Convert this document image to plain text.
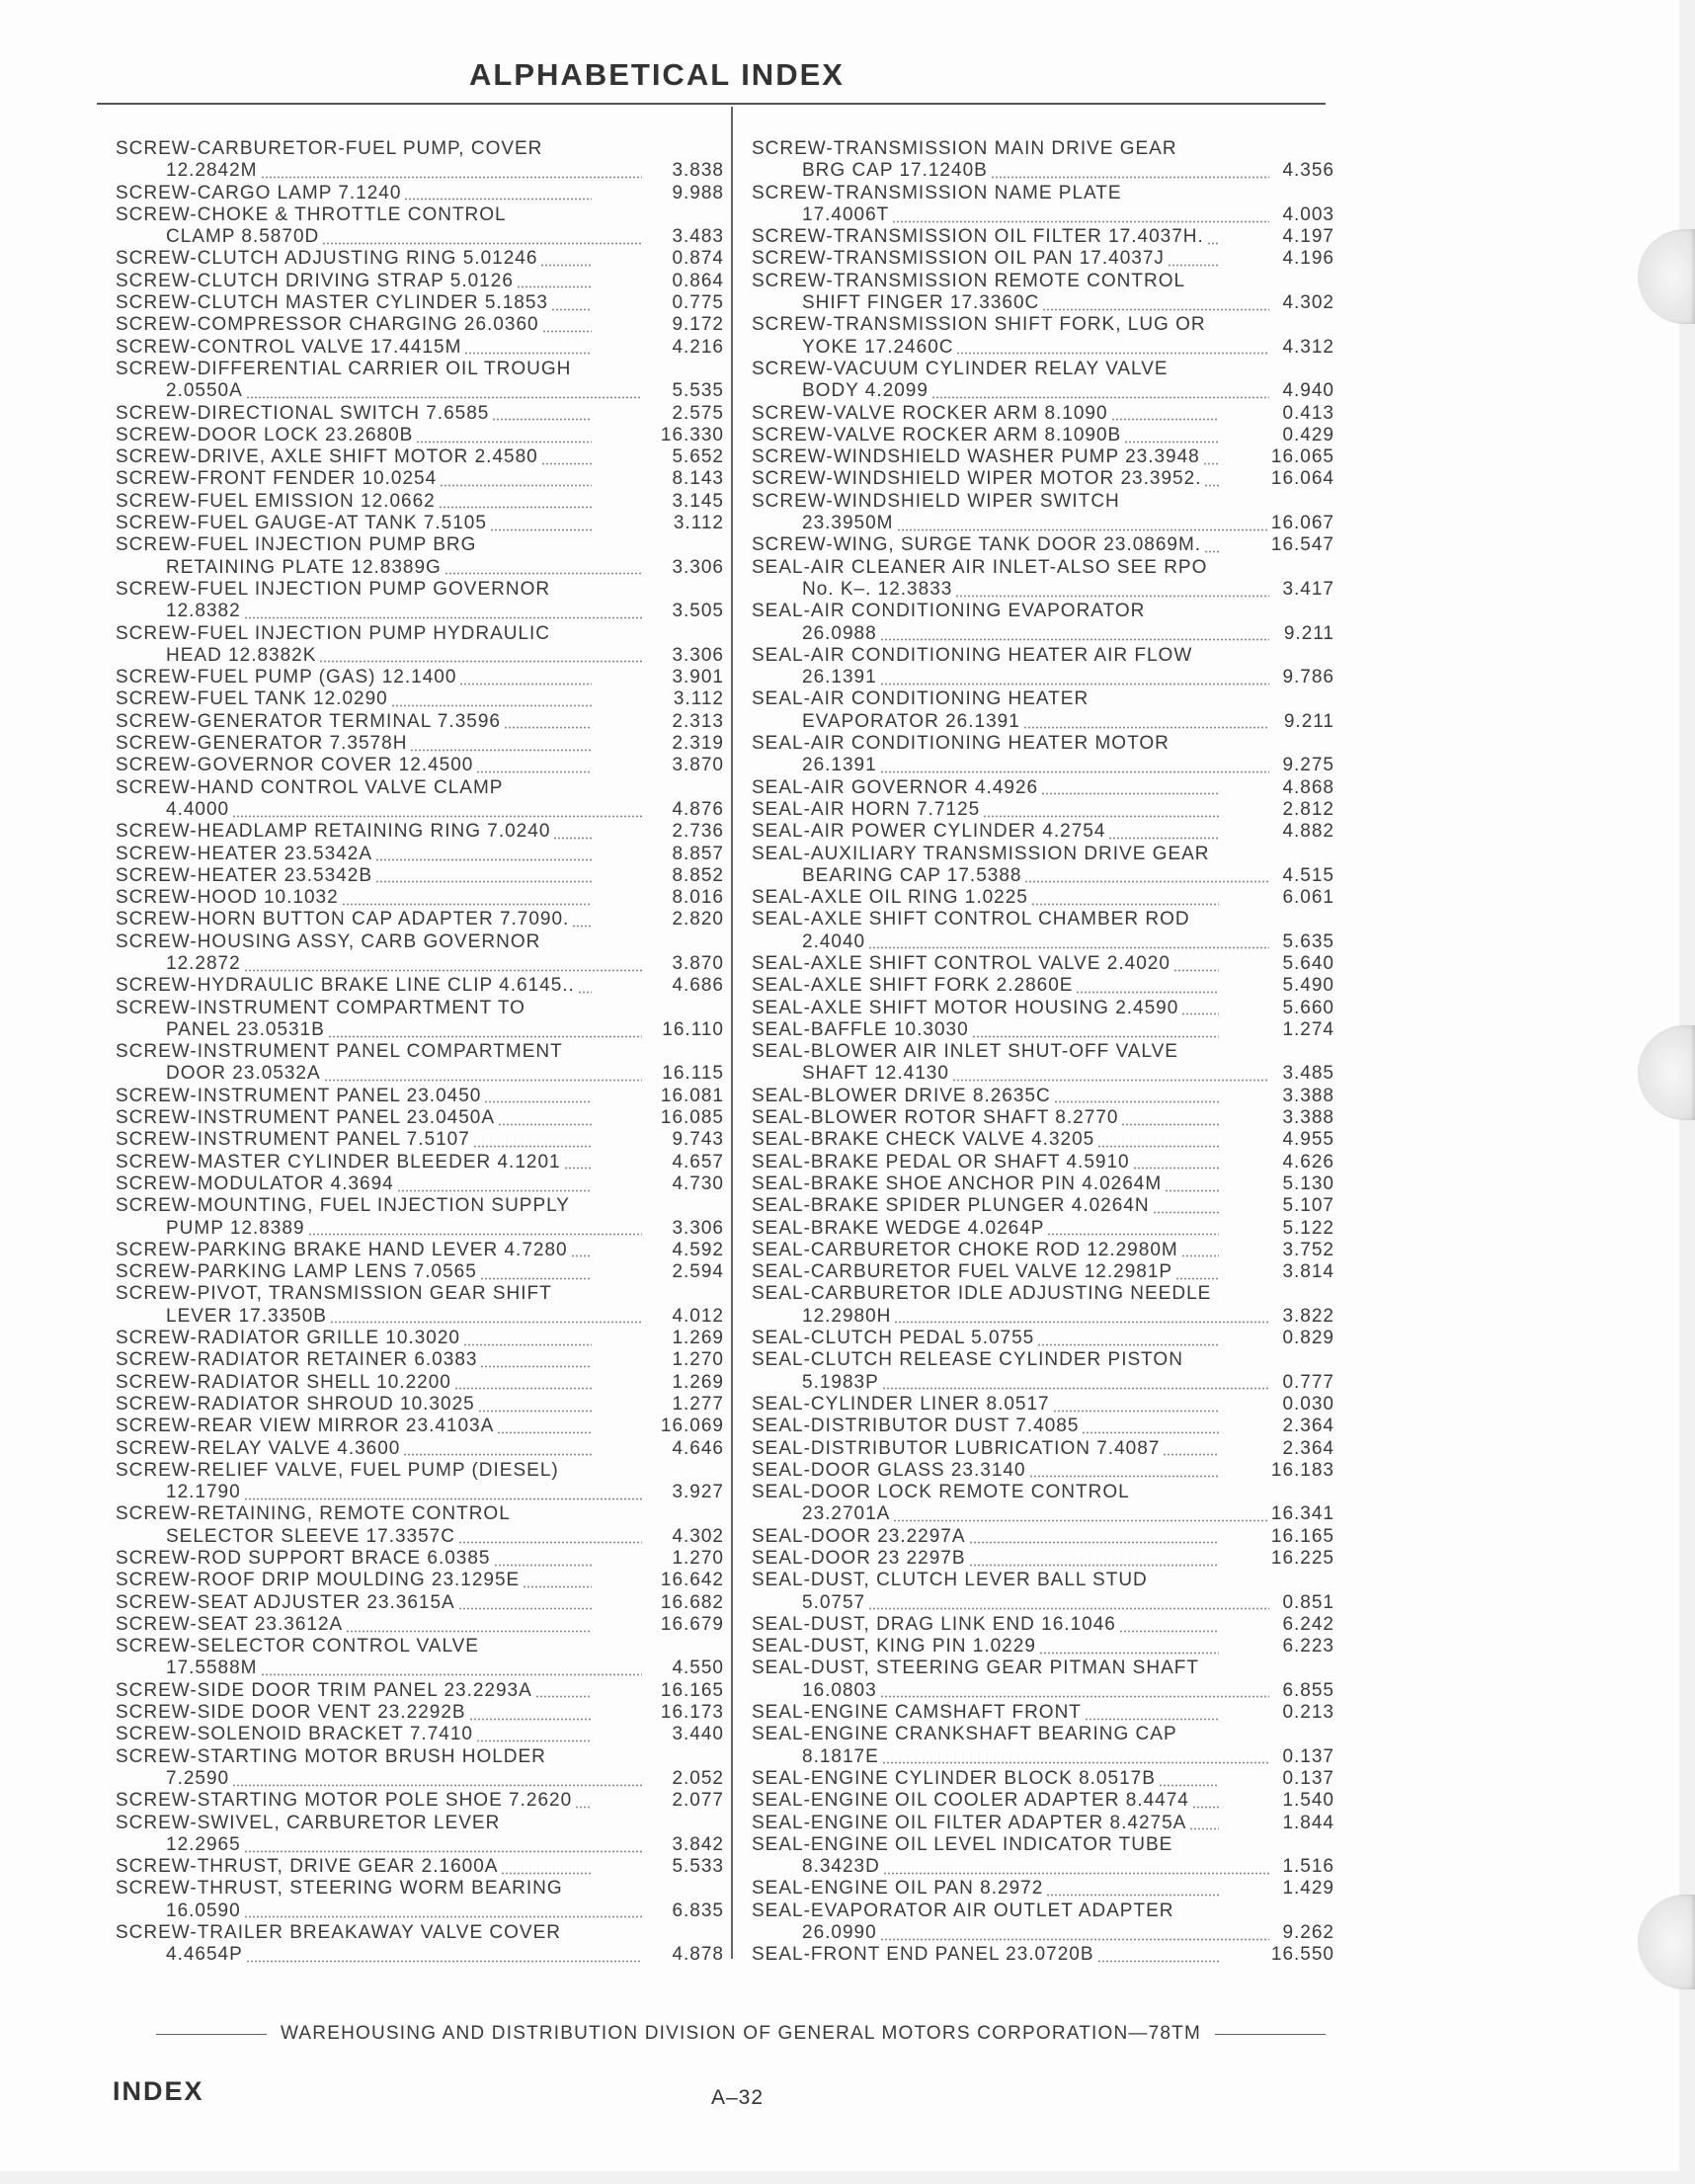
ALPHABETICAL INDEX
SCREW-CARBURETOR-FUEL PUMP, COVER
12.2842M	3.838
SCREW-CARGO LAMP 7.1240	9.988
SCREW-CHOKE & THROTTLE CONTROL
CLAMP 8.5870D	3.483
SCREW-CLUTCH ADJUSTING RING 5.01246	0.874
SCREW-CLUTCH DRIVING STRAP 5.0126	0.864
SCREW-CLUTCH MASTER CYLINDER 5.1853	0.775
SCREW-COMPRESSOR CHARGING 26.0360	9.172
SCREW-CONTROL VALVE 17.4415M	4.216
SCREW-DIFFERENTIAL CARRIER OIL TROUGH
2.0550A	5.535
SCREW-DIRECTIONAL SWITCH 7.6585	2.575
SCREW-DOOR LOCK 23.2680B	16.330
SCREW-DRIVE, AXLE SHIFT MOTOR 2.4580	5.652
SCREW-FRONT FENDER 10.0254	8.143
SCREW-FUEL EMISSION 12.0662	3.145
SCREW-FUEL GAUGE-AT TANK 7.5105	3.112
SCREW-FUEL INJECTION PUMP BRG
RETAINING PLATE 12.8389G	3.306
SCREW-FUEL INJECTION PUMP GOVERNOR
12.8382	3.505
SCREW-FUEL INJECTION PUMP HYDRAULIC
HEAD 12.8382K	3.306
SCREW-FUEL PUMP (GAS) 12.1400	3.901
SCREW-FUEL TANK 12.0290	3.112
SCREW-GENERATOR TERMINAL 7.3596	2.313
SCREW-GENERATOR 7.3578H	2.319
SCREW-GOVERNOR COVER 12.4500	3.870
SCREW-HAND CONTROL VALVE CLAMP
4.4000	4.876
SCREW-HEADLAMP RETAINING RING 7.0240	2.736
SCREW-HEATER 23.5342A	8.857
SCREW-HEATER 23.5342B	8.852
SCREW-HOOD 10.1032	8.016
SCREW-HORN BUTTON CAP ADAPTER 7.7090.	2.820
SCREW-HOUSING ASSY, CARB GOVERNOR
12.2872	3.870
SCREW-HYDRAULIC BRAKE LINE CLIP 4.6145..	4.686
SCREW-INSTRUMENT COMPARTMENT TO
PANEL 23.0531B	16.110
SCREW-INSTRUMENT PANEL COMPARTMENT
DOOR 23.0532A	16.115
SCREW-INSTRUMENT PANEL 23.0450	16.081
SCREW-INSTRUMENT PANEL 23.0450A	16.085
SCREW-INSTRUMENT PANEL 7.5107	9.743
SCREW-MASTER CYLINDER BLEEDER 4.1201	4.657
SCREW-MODULATOR 4.3694	4.730
SCREW-MOUNTING, FUEL INJECTION SUPPLY
PUMP 12.8389	3.306
SCREW-PARKING BRAKE HAND LEVER 4.7280	4.592
SCREW-PARKING LAMP LENS 7.0565	2.594
SCREW-PIVOT, TRANSMISSION GEAR SHIFT
LEVER 17.3350B	4.012
SCREW-RADIATOR GRILLE 10.3020	1.269
SCREW-RADIATOR RETAINER 6.0383	1.270
SCREW-RADIATOR SHELL 10.2200	1.269
SCREW-RADIATOR SHROUD 10.3025	1.277
SCREW-REAR VIEW MIRROR 23.4103A	16.069
SCREW-RELAY VALVE 4.3600	4.646
SCREW-RELIEF VALVE, FUEL PUMP (DIESEL)
12.1790	3.927
SCREW-RETAINING, REMOTE CONTROL
SELECTOR SLEEVE 17.3357C	4.302
SCREW-ROD SUPPORT BRACE 6.0385	1.270
SCREW-ROOF DRIP MOULDING 23.1295E	16.642
SCREW-SEAT ADJUSTER 23.3615A	16.682
SCREW-SEAT 23.3612A	16.679
SCREW-SELECTOR CONTROL VALVE
17.5588M	4.550
SCREW-SIDE DOOR TRIM PANEL 23.2293A	16.165
SCREW-SIDE DOOR VENT 23.2292B	16.173
SCREW-SOLENOID BRACKET 7.7410	3.440
SCREW-STARTING MOTOR BRUSH HOLDER
7.2590	2.052
SCREW-STARTING MOTOR POLE SHOE 7.2620	2.077
SCREW-SWIVEL, CARBURETOR LEVER
12.2965	3.842
SCREW-THRUST, DRIVE GEAR 2.1600A	5.533
SCREW-THRUST, STEERING WORM BEARING
16.0590	6.835
SCREW-TRAILER BREAKAWAY VALVE COVER
4.4654P	4.878
SCREW-TRANSMISSION MAIN DRIVE GEAR
BRG CAP 17.1240B	4.356
SCREW-TRANSMISSION NAME PLATE
17.4006T	4.003
SCREW-TRANSMISSION OIL FILTER 17.4037H.	4.197
SCREW-TRANSMISSION OIL PAN 17.4037J	4.196
SCREW-TRANSMISSION REMOTE CONTROL
SHIFT FINGER 17.3360C	4.302
SCREW-TRANSMISSION SHIFT FORK, LUG OR
YOKE 17.2460C	4.312
SCREW-VACUUM CYLINDER RELAY VALVE
BODY 4.2099	4.940
SCREW-VALVE ROCKER ARM 8.1090	0.413
SCREW-VALVE ROCKER ARM 8.1090B	0.429
SCREW-WINDSHIELD WASHER PUMP 23.3948	16.065
SCREW-WINDSHIELD WIPER MOTOR 23.3952.	16.064
SCREW-WINDSHIELD WIPER SWITCH
23.3950M	16.067
SCREW-WING, SURGE TANK DOOR 23.0869M.	16.547
SEAL-AIR CLEANER AIR INLET-ALSO SEE RPO
No. K–. 12.3833	3.417
SEAL-AIR CONDITIONING EVAPORATOR
26.0988	9.211
SEAL-AIR CONDITIONING HEATER AIR FLOW
26.1391	9.786
SEAL-AIR CONDITIONING HEATER
EVAPORATOR 26.1391	9.211
SEAL-AIR CONDITIONING HEATER MOTOR
26.1391	9.275
SEAL-AIR GOVERNOR 4.4926	4.868
SEAL-AIR HORN 7.7125	2.812
SEAL-AIR POWER CYLINDER 4.2754	4.882
SEAL-AUXILIARY TRANSMISSION DRIVE GEAR
BEARING CAP 17.5388	4.515
SEAL-AXLE OIL RING 1.0225	6.061
SEAL-AXLE SHIFT CONTROL CHAMBER ROD
2.4040	5.635
SEAL-AXLE SHIFT CONTROL VALVE 2.4020	5.640
SEAL-AXLE SHIFT FORK 2.2860E	5.490
SEAL-AXLE SHIFT MOTOR HOUSING 2.4590	5.660
SEAL-BAFFLE 10.3030	1.274
SEAL-BLOWER AIR INLET SHUT-OFF VALVE
SHAFT 12.4130	3.485
SEAL-BLOWER DRIVE 8.2635C	3.388
SEAL-BLOWER ROTOR SHAFT 8.2770	3.388
SEAL-BRAKE CHECK VALVE 4.3205	4.955
SEAL-BRAKE PEDAL OR SHAFT 4.5910	4.626
SEAL-BRAKE SHOE ANCHOR PIN 4.0264M	5.130
SEAL-BRAKE SPIDER PLUNGER 4.0264N	5.107
SEAL-BRAKE WEDGE 4.0264P	5.122
SEAL-CARBURETOR CHOKE ROD 12.2980M	3.752
SEAL-CARBURETOR FUEL VALVE 12.2981P	3.814
SEAL-CARBURETOR IDLE ADJUSTING NEEDLE
12.2980H	3.822
SEAL-CLUTCH PEDAL 5.0755	0.829
SEAL-CLUTCH RELEASE CYLINDER PISTON
5.1983P	0.777
SEAL-CYLINDER LINER 8.0517	0.030
SEAL-DISTRIBUTOR DUST 7.4085	2.364
SEAL-DISTRIBUTOR LUBRICATION 7.4087	2.364
SEAL-DOOR GLASS 23.3140	16.183
SEAL-DOOR LOCK REMOTE CONTROL
23.2701A	16.341
SEAL-DOOR 23.2297A	16.165
SEAL-DOOR 23 2297B	16.225
SEAL-DUST, CLUTCH LEVER BALL STUD
5.0757	0.851
SEAL-DUST, DRAG LINK END 16.1046	6.242
SEAL-DUST, KING PIN 1.0229	6.223
SEAL-DUST, STEERING GEAR PITMAN SHAFT
16.0803	6.855
SEAL-ENGINE CAMSHAFT FRONT	0.213
SEAL-ENGINE CRANKSHAFT BEARING CAP
8.1817E	0.137
SEAL-ENGINE CYLINDER BLOCK 8.0517B	0.137
SEAL-ENGINE OIL COOLER ADAPTER 8.4474	1.540
SEAL-ENGINE OIL FILTER ADAPTER 8.4275A	1.844
SEAL-ENGINE OIL LEVEL INDICATOR TUBE
8.3423D	1.516
SEAL-ENGINE OIL PAN 8.2972	1.429
SEAL-EVAPORATOR AIR OUTLET ADAPTER
26.0990	9.262
SEAL-FRONT END PANEL 23.0720B	16.550
WAREHOUSING AND DISTRIBUTION DIVISION OF GENERAL MOTORS CORPORATION—78TM
INDEX	A–32
